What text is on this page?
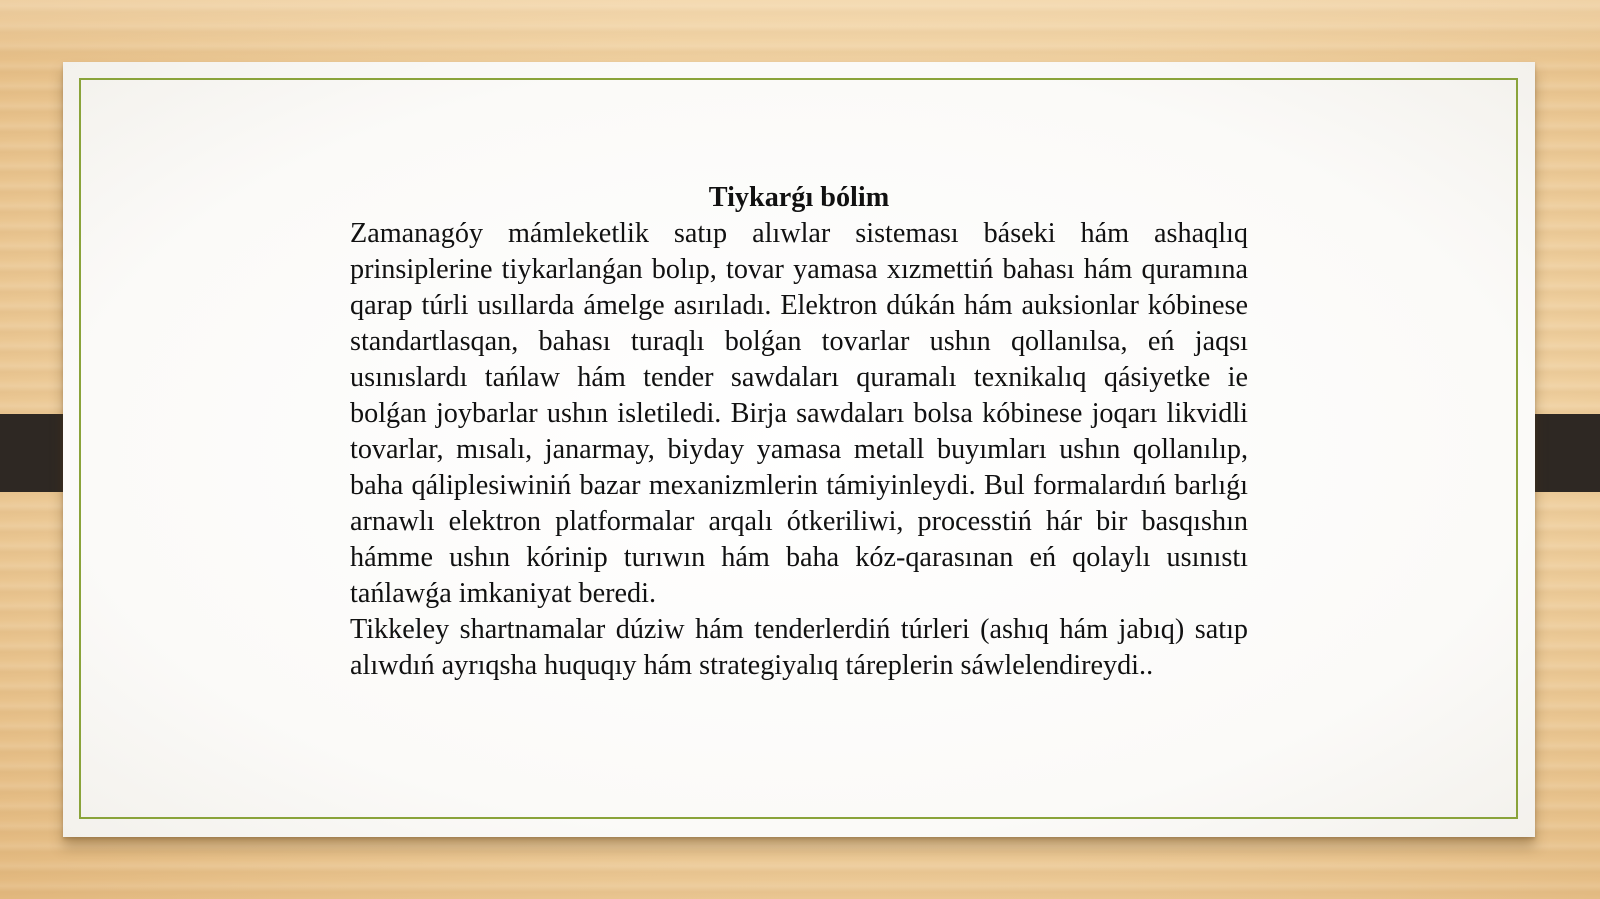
Tiykarǵı bólim

Zamanagóy mámleketlik satıp alıwlar sisteması báseki hám ashaqlıq prinsiplerine tiykarlanǵan bolıp, tovar yamasa xızmettiń bahası hám quramına qarap túrli usıllarda ámelge asırıladı. Elektron dúkán hám auksionlar kóbinese standartlasqan, bahası turaqlı bolǵan tovarlar ushın qollanılsa, eń jaqsı usınıslardı tańlaw hám tender sawdaları quramalı texnikalıq qásiyetke ie bolǵan joybarlar ushın isletiledi. Birja sawdaları bolsa kóbinese joqarı likvidli tovarlar, mısalı, janarmay, biyday yamasa metall buyımları ushın qollanılıp, baha qáliplesiwiniń bazar mexanizmlerin támiyinleydi. Bul formalardıń barlıǵı arnawlı elektron platformalar arqalı ótkeriliwi, processtiń hár bir basqıshın hámme ushın kórinip turıwın hám baha kóz-qarasınan eń qolaylı usınıstı tańlawǵa imkaniyat beredi.

Tikkeley shartnamalar dúziw hám tenderlerdiń túrleri (ashıq hám jabıq) satıp alıwdıń ayrıqsha huquqıy hám strategiyalıq táreplerin sáwlelendireydi..
